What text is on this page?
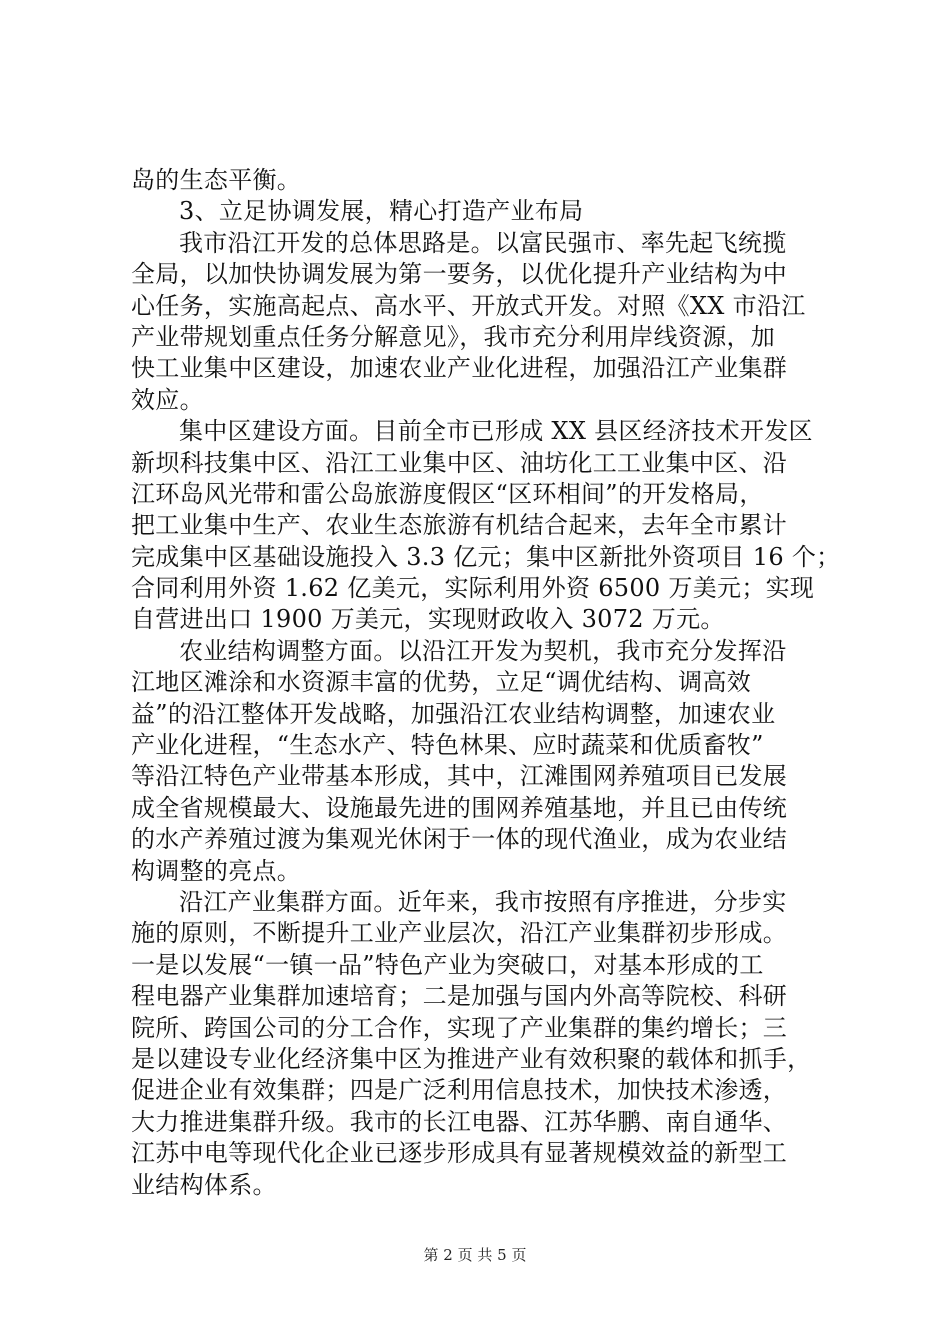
岛的生态平衡。
3、立足协调发展，精心打造产业布局
我市沿江开发的总体思路是。以富民强市、率先起飞统揽
全局，以加快协调发展为第一要务，以优化提升产业结构为中
心任务，实施高起点、高水平、开放式开发。对照《XX 市沿江
产业带规划重点任务分解意见》，我市充分利用岸线资源，加
快工业集中区建设，加速农业产业化进程，加强沿江产业集群
效应。
集中区建设方面。目前全市已形成 XX 县区经济技术开发区
新坝科技集中区、沿江工业集中区、油坊化工工业集中区、沿
江环岛风光带和雷公岛旅游度假区“区环相间”的开发格局，
把工业集中生产、农业生态旅游有机结合起来，去年全市累计
完成集中区基础设施投入 3.3 亿元；集中区新批外资项目 16 个；
合同利用外资 1.62 亿美元，实际利用外资 6500 万美元；实现
自营进出口 1900 万美元，实现财政收入 3072 万元。
农业结构调整方面。以沿江开发为契机，我市充分发挥沿
江地区滩涂和水资源丰富的优势，立足“调优结构、调高效
益”的沿江整体开发战略，加强沿江农业结构调整，加速农业
产业化进程，“生态水产、特色林果、应时蔬菜和优质畜牧”
等沿江特色产业带基本形成，其中，江滩围网养殖项目已发展
成全省规模最大、设施最先进的围网养殖基地，并且已由传统
的水产养殖过渡为集观光休闲于一体的现代渔业，成为农业结
构调整的亮点。
沿江产业集群方面。近年来，我市按照有序推进，分步实
施的原则，不断提升工业产业层次，沿江产业集群初步形成。
一是以发展“一镇一品”特色产业为突破口，对基本形成的工
程电器产业集群加速培育；二是加强与国内外高等院校、科研
院所、跨国公司的分工合作，实现了产业集群的集约增长；三
是以建设专业化经济集中区为推进产业有效积聚的载体和抓手，
促进企业有效集群；四是广泛利用信息技术，加快技术渗透，
大力推进集群升级。我市的长江电器、江苏华鹏、南自通华、
江苏中电等现代化企业已逐步形成具有显著规模效益的新型工
业结构体系。
第 2 页 共 5 页
